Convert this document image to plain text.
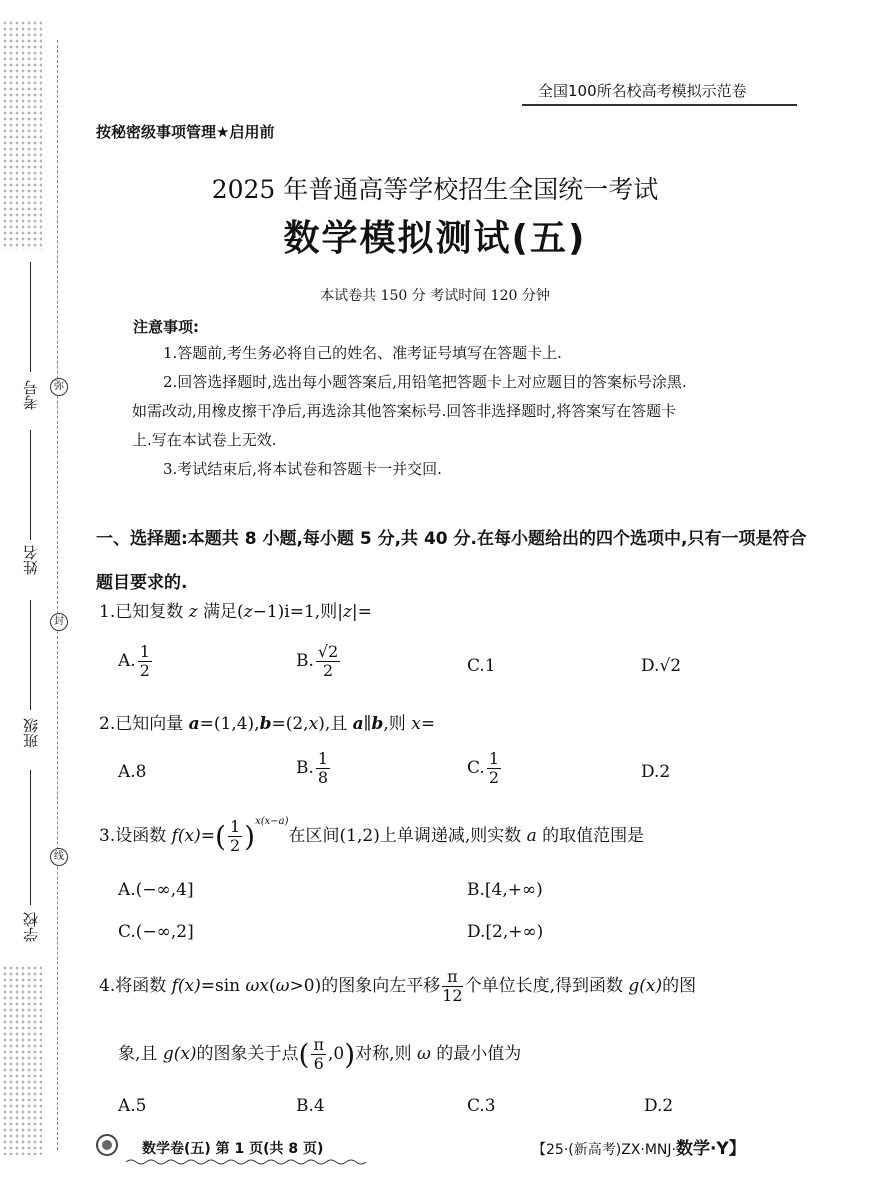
考号
姓名
班级
学校
弥
封
线
全国100所名校高考模拟示范卷
按秘密级事项管理★启用前
2025 年普通高等学校招生全国统一考试
数学模拟测试(五)
本试卷共 150 分 考试时间 120 分钟
注意事项:
1.答题前,考生务必将自己的姓名、准考证号填写在答题卡上.
2.回答选择题时,选出每小题答案后,用铅笔把答题卡上对应题目的答案标号涂黑.
如需改动,用橡皮擦干净后,再选涂其他答案标号.回答非选择题时,将答案写在答题卡
上.写在本试卷上无效.
3.考试结束后,将本试卷和答题卡一并交回.
一、选择题:本题共 8 小题,每小题 5 分,共 40 分.在每小题给出的四个选项中,只有一项是符合题目要求的.
1.已知复数 z 满足(z−1)i=1,则|z|=
A. $\frac{1}{2}$	B. $\frac{√2}{2}$	C.1	D.√2
2.已知向量 a=(1,4),b=(2,x),且 a∥b,则 x=
A.8	B. $\frac{1}{8}$	C. $\frac{1}{2}$	D.2
3.设函数 $f(x)=( \frac{1}{2} )^{x(x-a)}$在区间(1,2)上单调递减,则实数 a 的取值范围是
A.(−∞,4]	B.[4,+∞)
C.(−∞,2]	D.[2,+∞)
4.将函数 f(x)=sin ωx(ω>0)的图象向左平移 $\frac{\pi}{12}$ 个单位长度,得到函数 g(x)的图
象,且 g(x)的图象关于点( $\frac{\pi}{6} ,0$)对称,则 ω 的最小值为
A.5	B.4	C.3	D.2
数学卷(五) 第 1 页(共 8 页)	【25·(新高考)ZX·MNJ·数学·Y】
